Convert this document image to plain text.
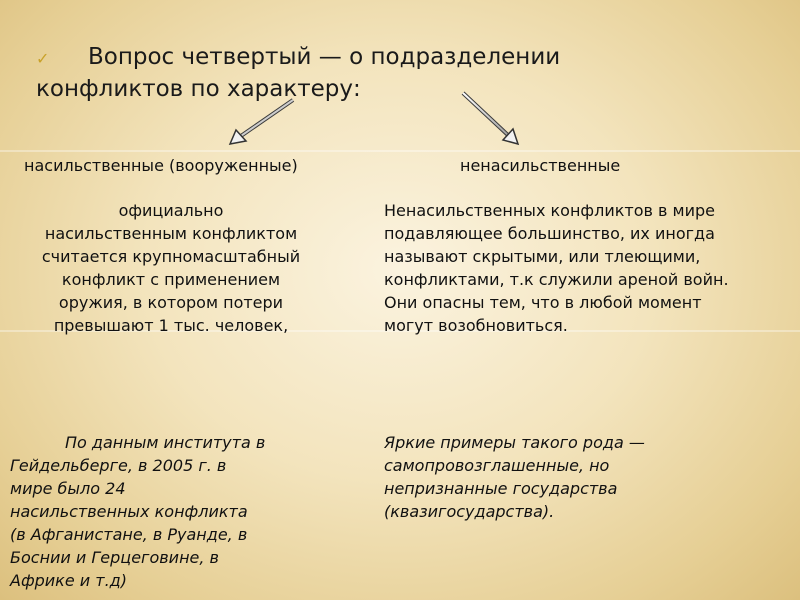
✓ Вопрос четвертый — о подразделении
конфликтов по характеру:
насильственные (вооруженные)	ненасильственные
официально
насильственным конфликтом
считается крупномасштабный
конфликт с применением
оружия, в котором потери
превышают 1 тыс. человек,
Ненасильственных конфликтов в мире
подавляющее большинство, их иногда
называют скрытыми, или тлеющими,
конфликтами, т.к служили ареной войн.
Они опасны тем, что в любой момент
могут возобновиться.
По данным института в
Гейдельберге, в 2005 г. в
мире было 24
насильственных конфликта
(в Афганистане, в Руанде, в
Боснии и Герцеговине, в
Африке и т.д)
Яркие примеры такого рода —
самопровозглашенные, но
непризнанные государства
(квазигосударства).
